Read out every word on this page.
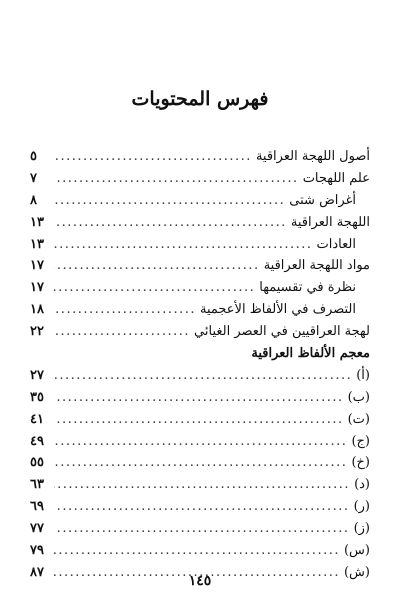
فهرس المحتويات
أصول اللهجة العراقية
.....
٥
علم اللهجات
.....
٧
أغراض شتى
.....
٨
اللهجة العراقية
.....
١٣
العادات
.....
١٣
مواد اللهجة العراقية
.....
١٧
نظرة في تقسيمها
.....
١٧
التصرف في الألفاظ الأعجمية
.....
١٨
لهجة العراقيين في العصر الغيائي
.....
٢٢
معجم الألفاظ العراقية
(أ)
.....
٢٧
(ب)
.....
٣٥
(ت)
.....
٤١
(ج)
.....
٤٩
(خ)
.....
٥٥
(د)
.....
٦٣
(ر)
.....
٦٩
(ز)
.....
٧٧
(س)
.....
٧٩
(ش)
.....
٨٧
١٤٥
